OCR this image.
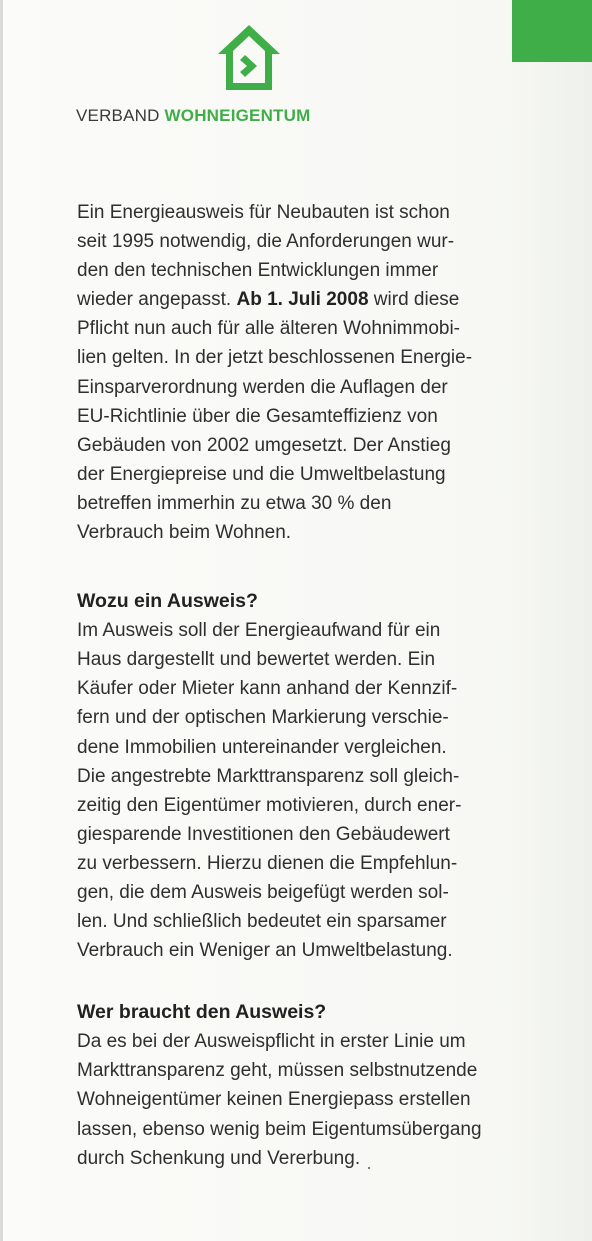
VERBAND WOHNEIGENTUM

Ein Energieausweis für Neubauten ist schon
seit 1995 notwendig, die Anforderungen wur-
den den technischen Entwicklungen immer
wieder angepasst. Ab 1. Juli 2008 wird diese
Pflicht nun auch für alle älteren Wohnimmobi-
lien gelten. In der jetzt beschlossenen Energie-
Einsparverordnung werden die Auflagen der
EU-Richtlinie über die Gesamteffizienz von
Gebäuden von 2002 umgesetzt. Der Anstieg
der Energiepreise und die Umweltbelastung
betreffen immerhin zu etwa 30 % den
Verbrauch beim Wohnen.

Wozu ein Ausweis?

Im Ausweis soll der Energieaufwand für ein
Haus dargestellt und bewertet werden. Ein
Käufer oder Mieter kann anhand der Kennzif-
fern und der optischen Markierung verschie-
dene Immobilien untereinander vergleichen.
Die angestrebte Markttransparenz soll gleich-
zeitig den Eigentümer motivieren, durch ener-
giesparende Investitionen den Gebäudewert
zu verbessern. Hierzu dienen die Empfehlun-
gen, die dem Ausweis beigefügt werden sol-
len. Und schließlich bedeutet ein sparsamer
Verbrauch ein Weniger an Umweltbelastung.

Wer braucht den Ausweis?

Da es bei der Ausweispflicht in erster Linie um
Markttransparenz geht, müssen selbstnutzende
Wohneigentümer keinen Energiepass erstellen
lassen, ebenso wenig beim Eigentumsübergang
durch Schenkung und Vererbung.
